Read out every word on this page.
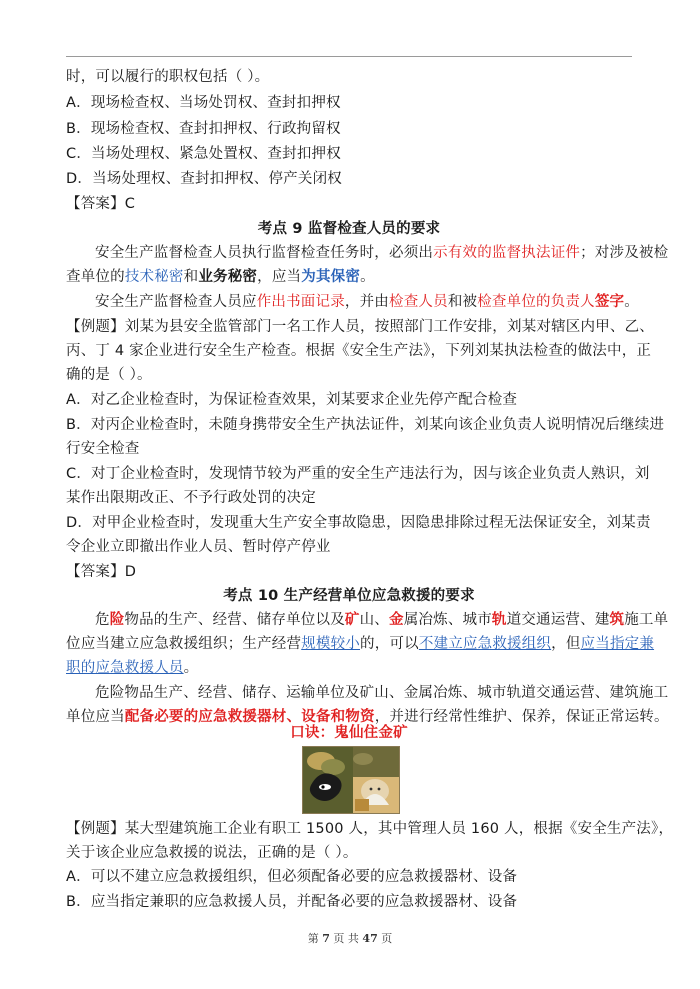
时，可以履行的职权包括（ ）。
A．现场检查权、当场处罚权、查封扣押权
B．现场检查权、查封扣押权、行政拘留权
C．当场处理权、紧急处置权、查封扣押权
D．当场处理权、查封扣押权、停产关闭权
【答案】C
考点 9 监督检查人员的要求
安全生产监督检查人员执行监督检查任务时，必须出示有效的监督执法证件；对涉及被检
查单位的技术秘密和业务秘密，应当为其保密。
安全生产监督检查人员应作出书面记录，并由检查人员和被检查单位的负责人签字。
【例题】刘某为县安全监管部门一名工作人员，按照部门工作安排，刘某对辖区内甲、乙、
丙、丁 4 家企业进行安全生产检查。根据《安全生产法》，下列刘某执法检查的做法中，正
确的是（ ）。
A．对乙企业检查时，为保证检查效果，刘某要求企业先停产配合检查
B．对丙企业检查时，未随身携带安全生产执法证件，刘某向该企业负责人说明情况后继续进
行安全检查
C．对丁企业检查时，发现情节较为严重的安全生产违法行为，因与该企业负责人熟识，刘
某作出限期改正、不予行政处罚的决定
D．对甲企业检查时，发现重大生产安全事故隐患，因隐患排除过程无法保证安全，刘某责
令企业立即撤出作业人员、暂时停产停业
【答案】D
考点 10 生产经营单位应急救援的要求
危险物品的生产、经营、储存单位以及矿山、金属冶炼、城市轨道交通运营、建筑施工单
位应当建立应急救援组织；生产经营规模较小的，可以不建立应急救援组织，但应当指定兼
职的应急救援人员。
危险物品生产、经营、储存、运输单位及矿山、金属冶炼、城市轨道交通运营、建筑施工
单位应当配备必要的应急救援器材、设备和物资，并进行经常性维护、保养，保证正常运转。
口诀：鬼仙住金矿
【例题】某大型建筑施工企业有职工 1500 人，其中管理人员 160 人，根据《安全生产法》，
关于该企业应急救援的说法，正确的是（ ）。
A．可以不建立应急救援组织，但必须配备必要的应急救援器材、设备
B．应当指定兼职的应急救援人员，并配备必要的应急救援器材、设备
第 7 页 共 47 页
